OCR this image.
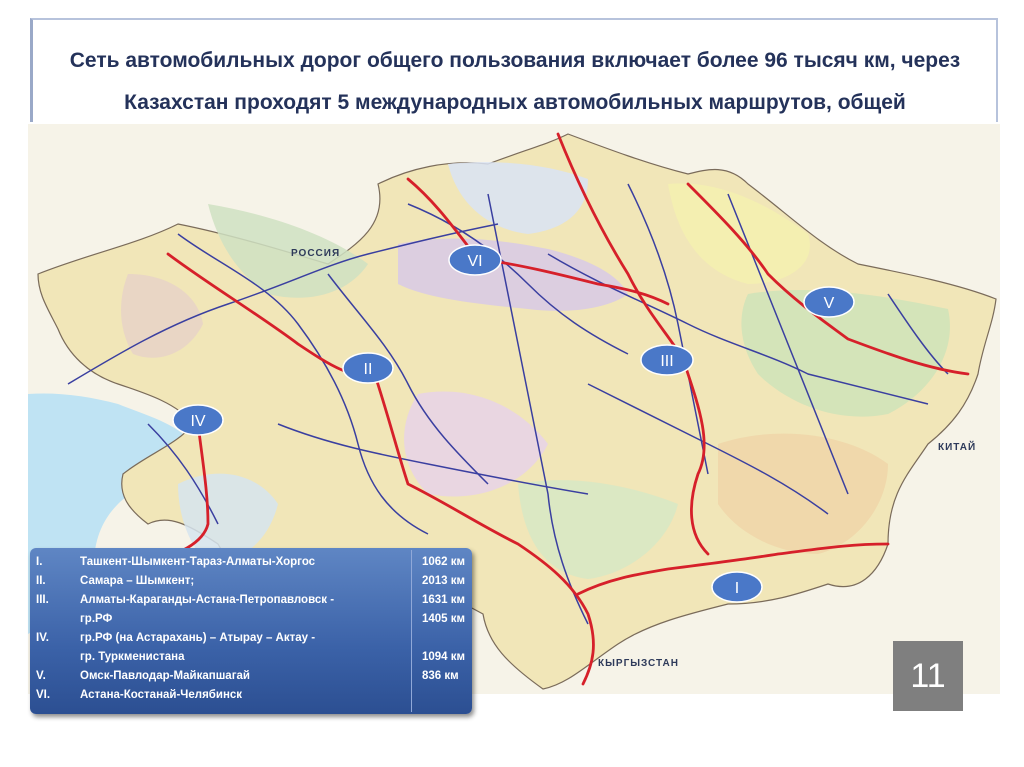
Сеть автомобильных дорог общего пользования включает более 96 тысяч км, через Казахстан проходят 5 международных автомобильных маршрутов, общей
РОССИЯ
КИТАЙ
КЫРГЫЗСТАН
VI
V
II	III
IV
I
I.	Ташкент-Шымкент-Тараз-Алматы-Хоргос	1062 км
II.	Самара – Шымкент;	2013 км
III.	Алматы-Караганды-Астана-Петропавловск -	1631 км
гр.РФ	1405 км
IV.	гр.РФ (на Астарахань) – Атырау – Актау -
гр. Туркменистана	1094 км
V.	Омск-Павлодар-Майкапшагай	836 км
VI.	Астана-Костанай-Челябинск
11
